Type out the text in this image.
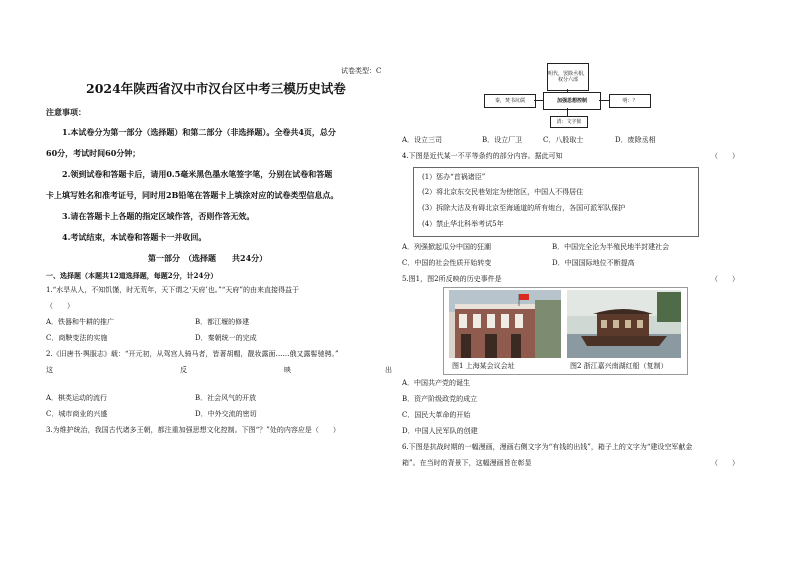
试卷类型：C
2024年陕西省汉中市汉台区中考三模历史试卷
注意事项：
1.本试卷分为第一部分（选择题）和第二部分（非选择题）。全卷共4页，总分
60分，考试时间60分钟；
2.领到试卷和答题卡后，请用0.5毫米黑色墨水笔签字笔，分别在试卷和答题
卡上填写姓名和准考证号，同时用2B铅笔在答题卡上填涂对应的试卷类型信息点。
3.请在答题卡上各题的指定区域作答，否则作答无效。
4.考试结束，本试卷和答题卡一并收回。
第一部分　（选择题　　共24分）
一、选择题（本题共12道选择题，每题2分，计24分）
1.“水旱从人，不知饥馑，时无荒年，天下谓之‘天府’也。”“天府”的由来直接得益于
（　　）
A．铁器和牛耕的推广	B．都江堰的修建
C．商鞅变法的实施	D．秦朝统一的完成
2.《旧唐书·舆服志》载：“开元初，从驾宫人骑马者，皆著胡帽，靓妆露面……俄又露髻驰骋。”
这	反	映	出
A．棋类运动的流行	B．社会风气的开放
C．城市商业的兴盛	D．中外交流的密切
3.为维护统治，我国古代诸多王朝，都注重加强思想文化控制。下图“？”处的内容应是（　　）
明代，罢除丞相，权分六部
秦，焚书坑儒	加强思想控制	明：？
清：文字狱
A．设立三司	B．设立厂卫	C．八股取士	D．废除丞相
4.下图是近代某一不平等条约的部分内容。据此可知	（　　）
(1）惩办“首祸诸臣”
(2）将北京东交民巷划定为使馆区，中国人不得居住
(3）拆除大沽及有碍北京至海通道的所有炮台，各国可派军队保护
(4）禁止华北科举考试5年
A．列强掀起瓜分中国的狂潮	B．中国完全沦为半殖民地半封建社会
C．中国的社会性质开始转变	D．中国国际地位不断提高
5.图1，图2所反映的历史事件是	（　　）
图1 上海某会议会址	图2 浙江嘉兴南湖红船（复制）
A．中国共产党的诞生
B．资产阶级政党的成立
C．国民大革命的开始
D．中国人民军队的创建
6.下图是抗战时期的一幅漫画，漫画右侧文字为“有钱的出钱”，箱子上的文字为“建设空军献金
箱”。在当时的背景下，这幅漫画旨在彰显	（　　）
